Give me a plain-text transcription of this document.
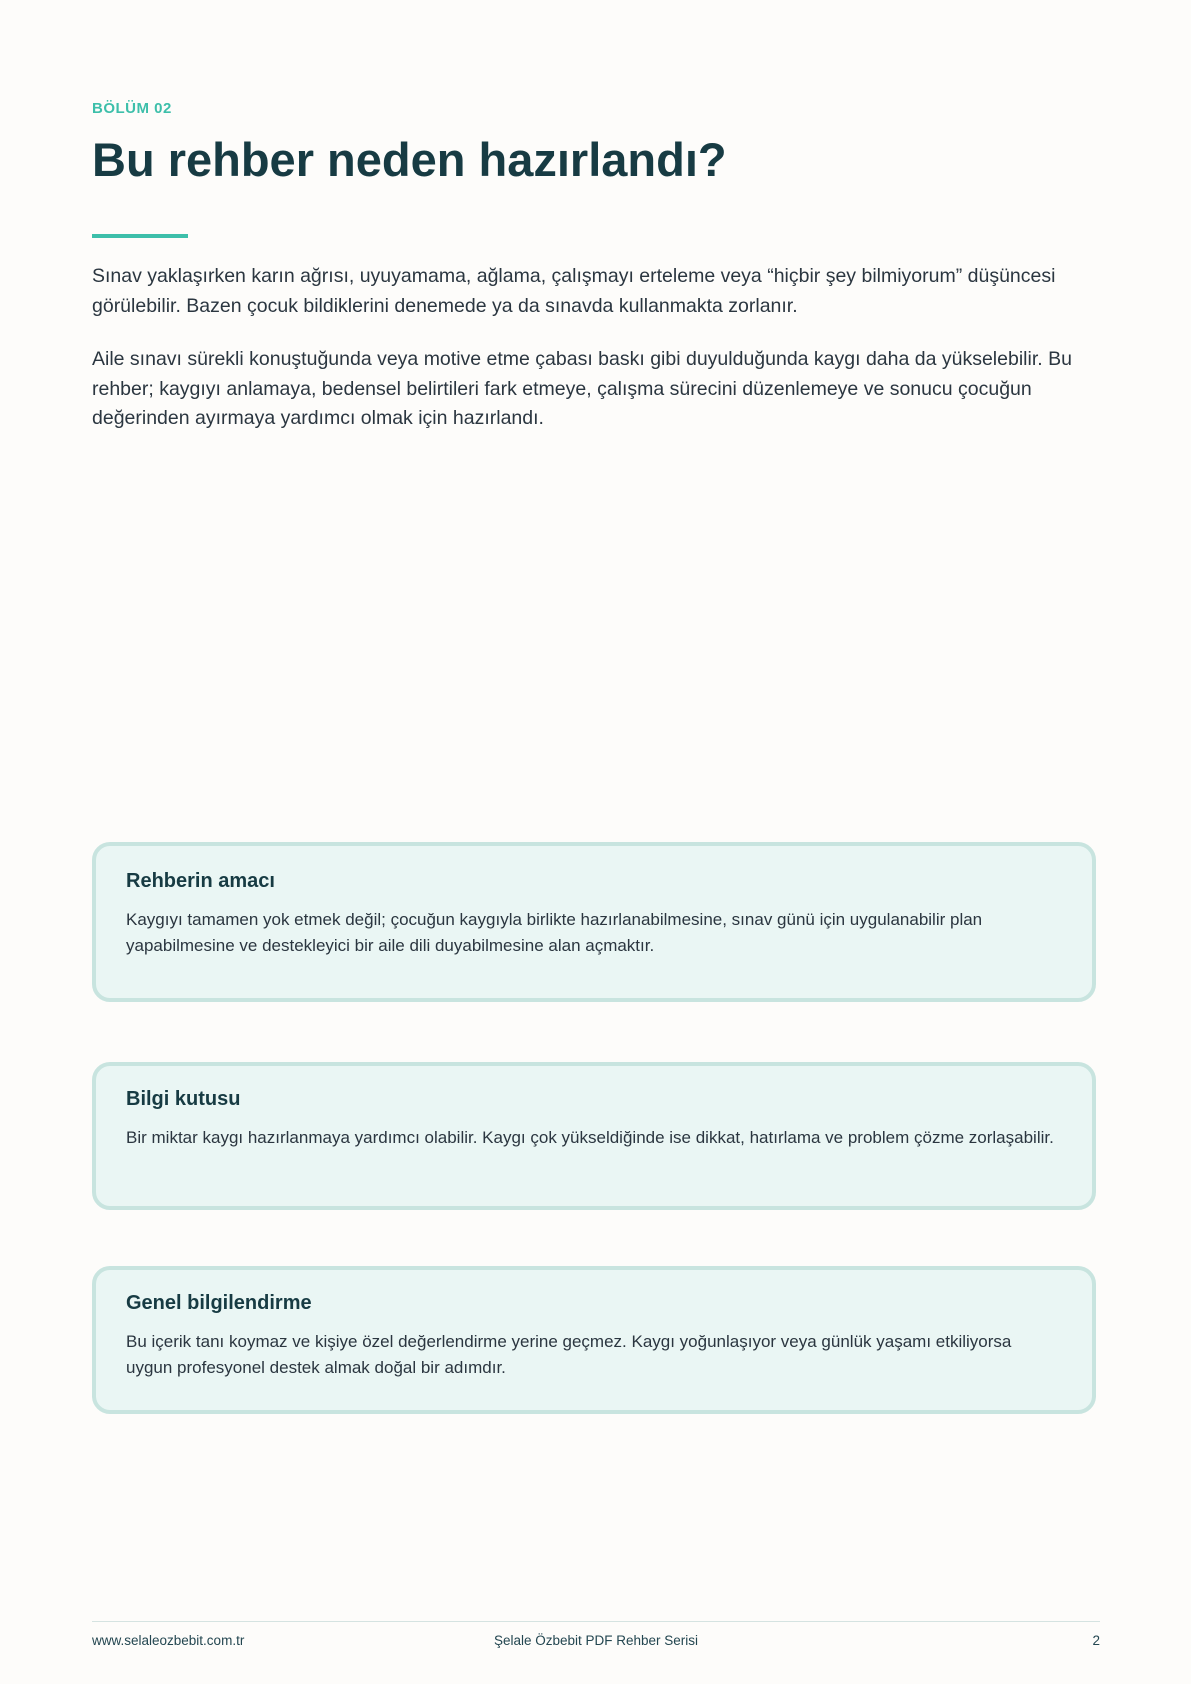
BÖLÜM 02
Bu rehber neden hazırlandı?

Sınav yaklaşırken karın ağrısı, uyuyamama, ağlama, çalışmayı erteleme veya “hiçbir şey bilmiyorum” düşüncesi görülebilir. Bazen çocuk bildiklerini denemede ya da sınavda kullanmakta zorlanır.

Aile sınavı sürekli konuştuğunda veya motive etme çabası baskı gibi duyulduğunda kaygı daha da yükselebilir. Bu rehber; kaygıyı anlamaya, bedensel belirtileri fark etmeye, çalışma sürecini düzenlemeye ve sonucu çocuğun değerinden ayırmaya yardımcı olmak için hazırlandı.

Rehberin amacı

Kaygıyı tamamen yok etmek değil; çocuğun kaygıyla birlikte hazırlanabilmesine, sınav günü için uygulanabilir plan yapabilmesine ve destekleyici bir aile dili duyabilmesine alan açmaktır.

Bilgi kutusu

Bir miktar kaygı hazırlanmaya yardımcı olabilir. Kaygı çok yükseldiğinde ise dikkat, hatırlama ve problem çözme zorlaşabilir.

Genel bilgilendirme

Bu içerik tanı koymaz ve kişiye özel değerlendirme yerine geçmez. Kaygı yoğunlaşıyor veya günlük yaşamı etkiliyorsa uygun profesyonel destek almak doğal bir adımdır.

www.selaleozbebit.com.tr	Şelale Özbebit PDF Rehber Serisi	2
